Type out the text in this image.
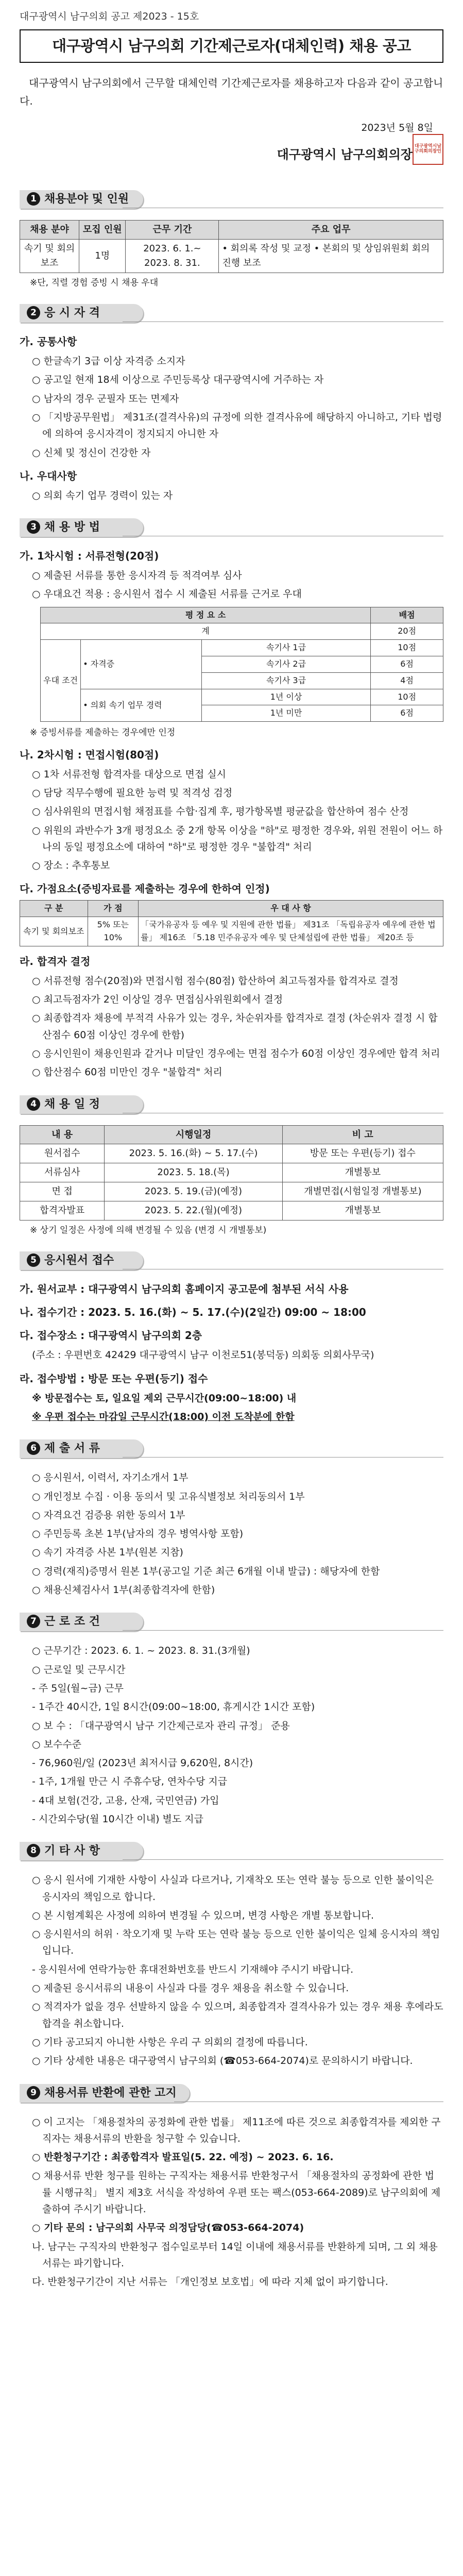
대구광역시 남구의회 공고 제2023 - 15호
대구광역시 남구의회 기간제근로자(대체인력) 채용 공고
대구광역시 남구의회에서 근무할 대체인력 기간제근로자를 채용하고자 다음과 같이 공고합니다.
2023년 5월 8일
대구광역시 남구의회의장
대구광역시남구의회의장인
1 채용분야 및 인원
채용 분야	모집 인원	근무 기간	주요 업무
속기 및 회의보조	1명	2023. 6. 1.~ 2023. 8. 31.	• 회의록 작성 및 교정 • 본회의 및 상임위원회 회의 진행 보조
※단, 직렬 경험 증빙 시 채용 우대
2 응 시 자 격
가. 공통사항
○ 한글속기 3급 이상 자격증 소지자
○ 공고일 현재 18세 이상으로 주민등록상 대구광역시에 거주하는 자
○ 남자의 경우 군필자 또는 면제자
○ 「지방공무원법」 제31조(결격사유)의 규정에 의한 결격사유에 해당하지 아니하고, 기타 법령에 의하여 응시자격이 정지되지 아니한 자
○ 신체 및 정신이 건강한 자
나. 우대사항
○ 의회 속기 업무 경력이 있는 자
3 채 용 방 법
가. 1차시험 : 서류전형(20점)
○ 제출된 서류를 통한 응시자격 등 적격여부 심사
○ 우대요건 적용 : 응시원서 접수 시 제출된 서류를 근거로 우대
평 정 요 소			배점
계			20점
우대 조건	• 자격증	속기사 1급	10점
		속기사 2급	6점
		속기사 3급	4점
	• 의회 속기 업무 경력	1년 이상	10점
		1년 미만	6점
※ 증빙서류를 제출하는 경우에만 인정
나. 2차시험 : 면접시험(80점)
○ 1차 서류전형 합격자를 대상으로 면접 실시
○ 담당 직무수행에 필요한 능력 및 적격성 검정
○ 심사위원의 면접시험 채점표를 수합·집계 후, 평가항목별 평균값을 합산하여 점수 산정
○ 위원의 과반수가 3개 평정요소 중 2개 항목 이상을 "하"로 평정한 경우와, 위원 전원이 어느 하나의 동일 평정요소에 대하여 "하"로 평정한 경우 "불합격" 처리
○ 장소 : 추후통보
다. 가점요소(증빙자료를 제출하는 경우에 한하여 인정)
구 분	가 점	우 대 사 항
속기 및 회의보조	5% 또는 10%	「국가유공자 등 예우 및 지원에 관한 법률」 제31조 「독립유공자 예우에 관한 법률」 제16조 「5.18 민주유공자 예우 및 단체설립에 관한 법률」 제20조 등
라. 합격자 결정
○ 서류전형 점수(20점)와 면접시험 점수(80점) 합산하여 최고득점자를 합격자로 결정
○ 최고득점자가 2인 이상일 경우 면접심사위원회에서 결정
○ 최종합격자 채용에 부적격 사유가 있는 경우, 차순위자를 합격자로 결정 (차순위자 결정 시 합산점수 60점 이상인 경우에 한함)
○ 응시인원이 채용인원과 같거나 미달인 경우에는 면접 점수가 60점 이상인 경우에만 합격 처리
○ 합산점수 60점 미만인 경우 "불합격" 처리
4 채 용 일 정
내 용	시행일정	비 고
원서접수	2023. 5. 16.(화) ~ 5. 17.(수)	방문 또는 우편(등기) 접수
서류심사	2023. 5. 18.(목)	개별통보
면 접	2023. 5. 19.(금)(예정)	개별면접(시험일정 개별통보)
합격자발표	2023. 5. 22.(월)(예정)	개별통보
※ 상기 일정은 사정에 의해 변경될 수 있음 (변경 시 개별통보)
5 응시원서 접수
가. 원서교부 : 대구광역시 남구의회 홈페이지 공고문에 첨부된 서식 사용
나. 접수기간 : 2023. 5. 16.(화) ~ 5. 17.(수)(2일간) 09:00 ~ 18:00
다. 접수장소 : 대구광역시 남구의회 2층
(주소 : 우편번호 42429 대구광역시 남구 이천로51(봉덕동) 의회동 의회사무국)
라. 접수방법 : 방문 또는 우편(등기) 접수
※ 방문접수는 토, 일요일 제외 근무시간(09:00~18:00) 내
※ 우편 접수는 마감일 근무시간(18:00) 이전 도착분에 한함
6 제 출 서 류
○ 응시원서, 이력서, 자기소개서 1부
○ 개인정보 수집 · 이용 동의서 및 고유식별정보 처리동의서 1부
○ 자격요건 검증용 위한 동의서 1부
○ 주민등록 초본 1부(남자의 경우 병역사항 포함)
○ 속기 자격증 사본 1부(원본 지참)
○ 경력(재직)증명서 원본 1부(공고일 기준 최근 6개월 이내 발급) : 해당자에 한함
○ 채용신체검사서 1부(최종합격자에 한함)
7 근 로 조 건
○ 근무기간 : 2023. 6. 1. ~ 2023. 8. 31.(3개월)
○ 근로일 및 근무시간
- 주 5일(월~금) 근무
- 1주간 40시간, 1일 8시간(09:00~18:00, 휴게시간 1시간 포함)
○ 보 수 : 「대구광역시 남구 기간제근로자 관리 규정」 준용
○ 보수수준
- 76,960원/일 (2023년 최저시급 9,620원, 8시간)
- 1주, 1개월 만근 시 주휴수당, 연차수당 지급
- 4대 보험(건강, 고용, 산재, 국민연금) 가입
- 시간외수당(월 10시간 이내) 별도 지급
8 기 타 사 항
○ 응시 원서에 기재한 사항이 사실과 다르거나, 기재착오 또는 연락 불능 등으로 인한 불이익은 응시자의 책임으로 합니다.
○ 본 시험계획은 사정에 의하여 변경될 수 있으며, 변경 사항은 개별 통보합니다.
○ 응시원서의 허위 · 착오기재 및 누락 또는 연락 불능 등으로 인한 불이익은 일체 응시자의 책임입니다.
- 응시원서에 연락가능한 휴대전화번호를 반드시 기재해야 주시기 바랍니다.
○ 제출된 응시서류의 내용이 사실과 다를 경우 채용을 취소할 수 있습니다.
○ 적격자가 없을 경우 선발하지 않을 수 있으며, 최종합격자 결격사유가 있는 경우 채용 후에라도 합격을 취소합니다.
○ 기타 공고되지 아니한 사항은 우리 구 의회의 결정에 따릅니다.
○ 기타 상세한 내용은 대구광역시 남구의회 (☎053-664-2074)로 문의하시기 바랍니다.
9 채용서류 반환에 관한 고지
○ 이 고지는 「채용절차의 공정화에 관한 법률」 제11조에 따른 것으로 최종합격자를 제외한 구직자는 채용서류의 반환을 청구할 수 있습니다.
○ 반환청구기간 : 최종합격자 발표일(5. 22. 예정) ~ 2023. 6. 16.
○ 채용서류 반환 청구를 원하는 구직자는 채용서류 반환청구서 「채용절차의 공정화에 관한 법률 시행규칙」 별지 제3호 서식을 작성하여 우편 또는 팩스(053-664-2089)로 남구의회에 제출하여 주시기 바랍니다.
○ 기타 문의 : 남구의회 사무국 의정담당(☎053-664-2074)
나. 남구는 구직자의 반환청구 접수일로부터 14일 이내에 채용서류를 반환하게 되며, 그 외 채용서류는 파기합니다.
다. 반환청구기간이 지난 서류는 「개인정보 보호법」에 따라 지체 없이 파기합니다.
